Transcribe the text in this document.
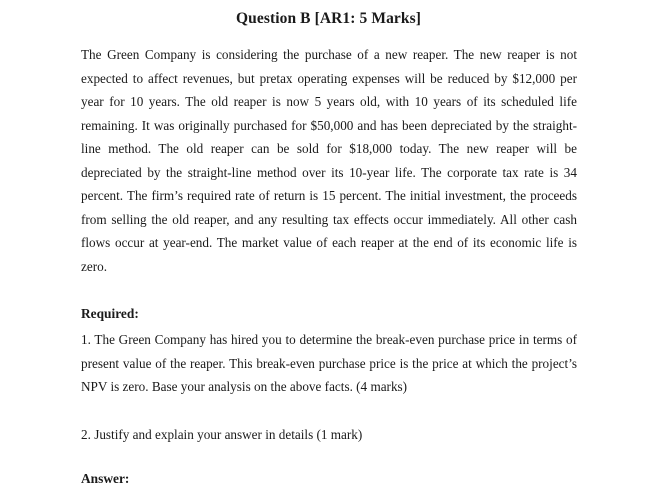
Question B [AR1: 5 Marks]
The Green Company is considering the purchase of a new reaper. The new reaper is not expected to affect revenues, but pretax operating expenses will be reduced by $12,000 per year for 10 years. The old reaper is now 5 years old, with 10 years of its scheduled life remaining. It was originally purchased for $50,000 and has been depreciated by the straight-line method. The old reaper can be sold for $18,000 today. The new reaper will be depreciated by the straight-line method over its 10-year life. The corporate tax rate is 34 percent. The firm’s required rate of return is 15 percent. The initial investment, the proceeds from selling the old reaper, and any resulting tax effects occur immediately. All other cash flows occur at year-end. The market value of each reaper at the end of its economic life is zero.
Required:
1. The Green Company has hired you to determine the break-even purchase price in terms of present value of the reaper. This break-even purchase price is the price at which the project’s NPV is zero. Base your analysis on the above facts. (4 marks)
2. Justify and explain your answer in details (1 mark)
Answer:
